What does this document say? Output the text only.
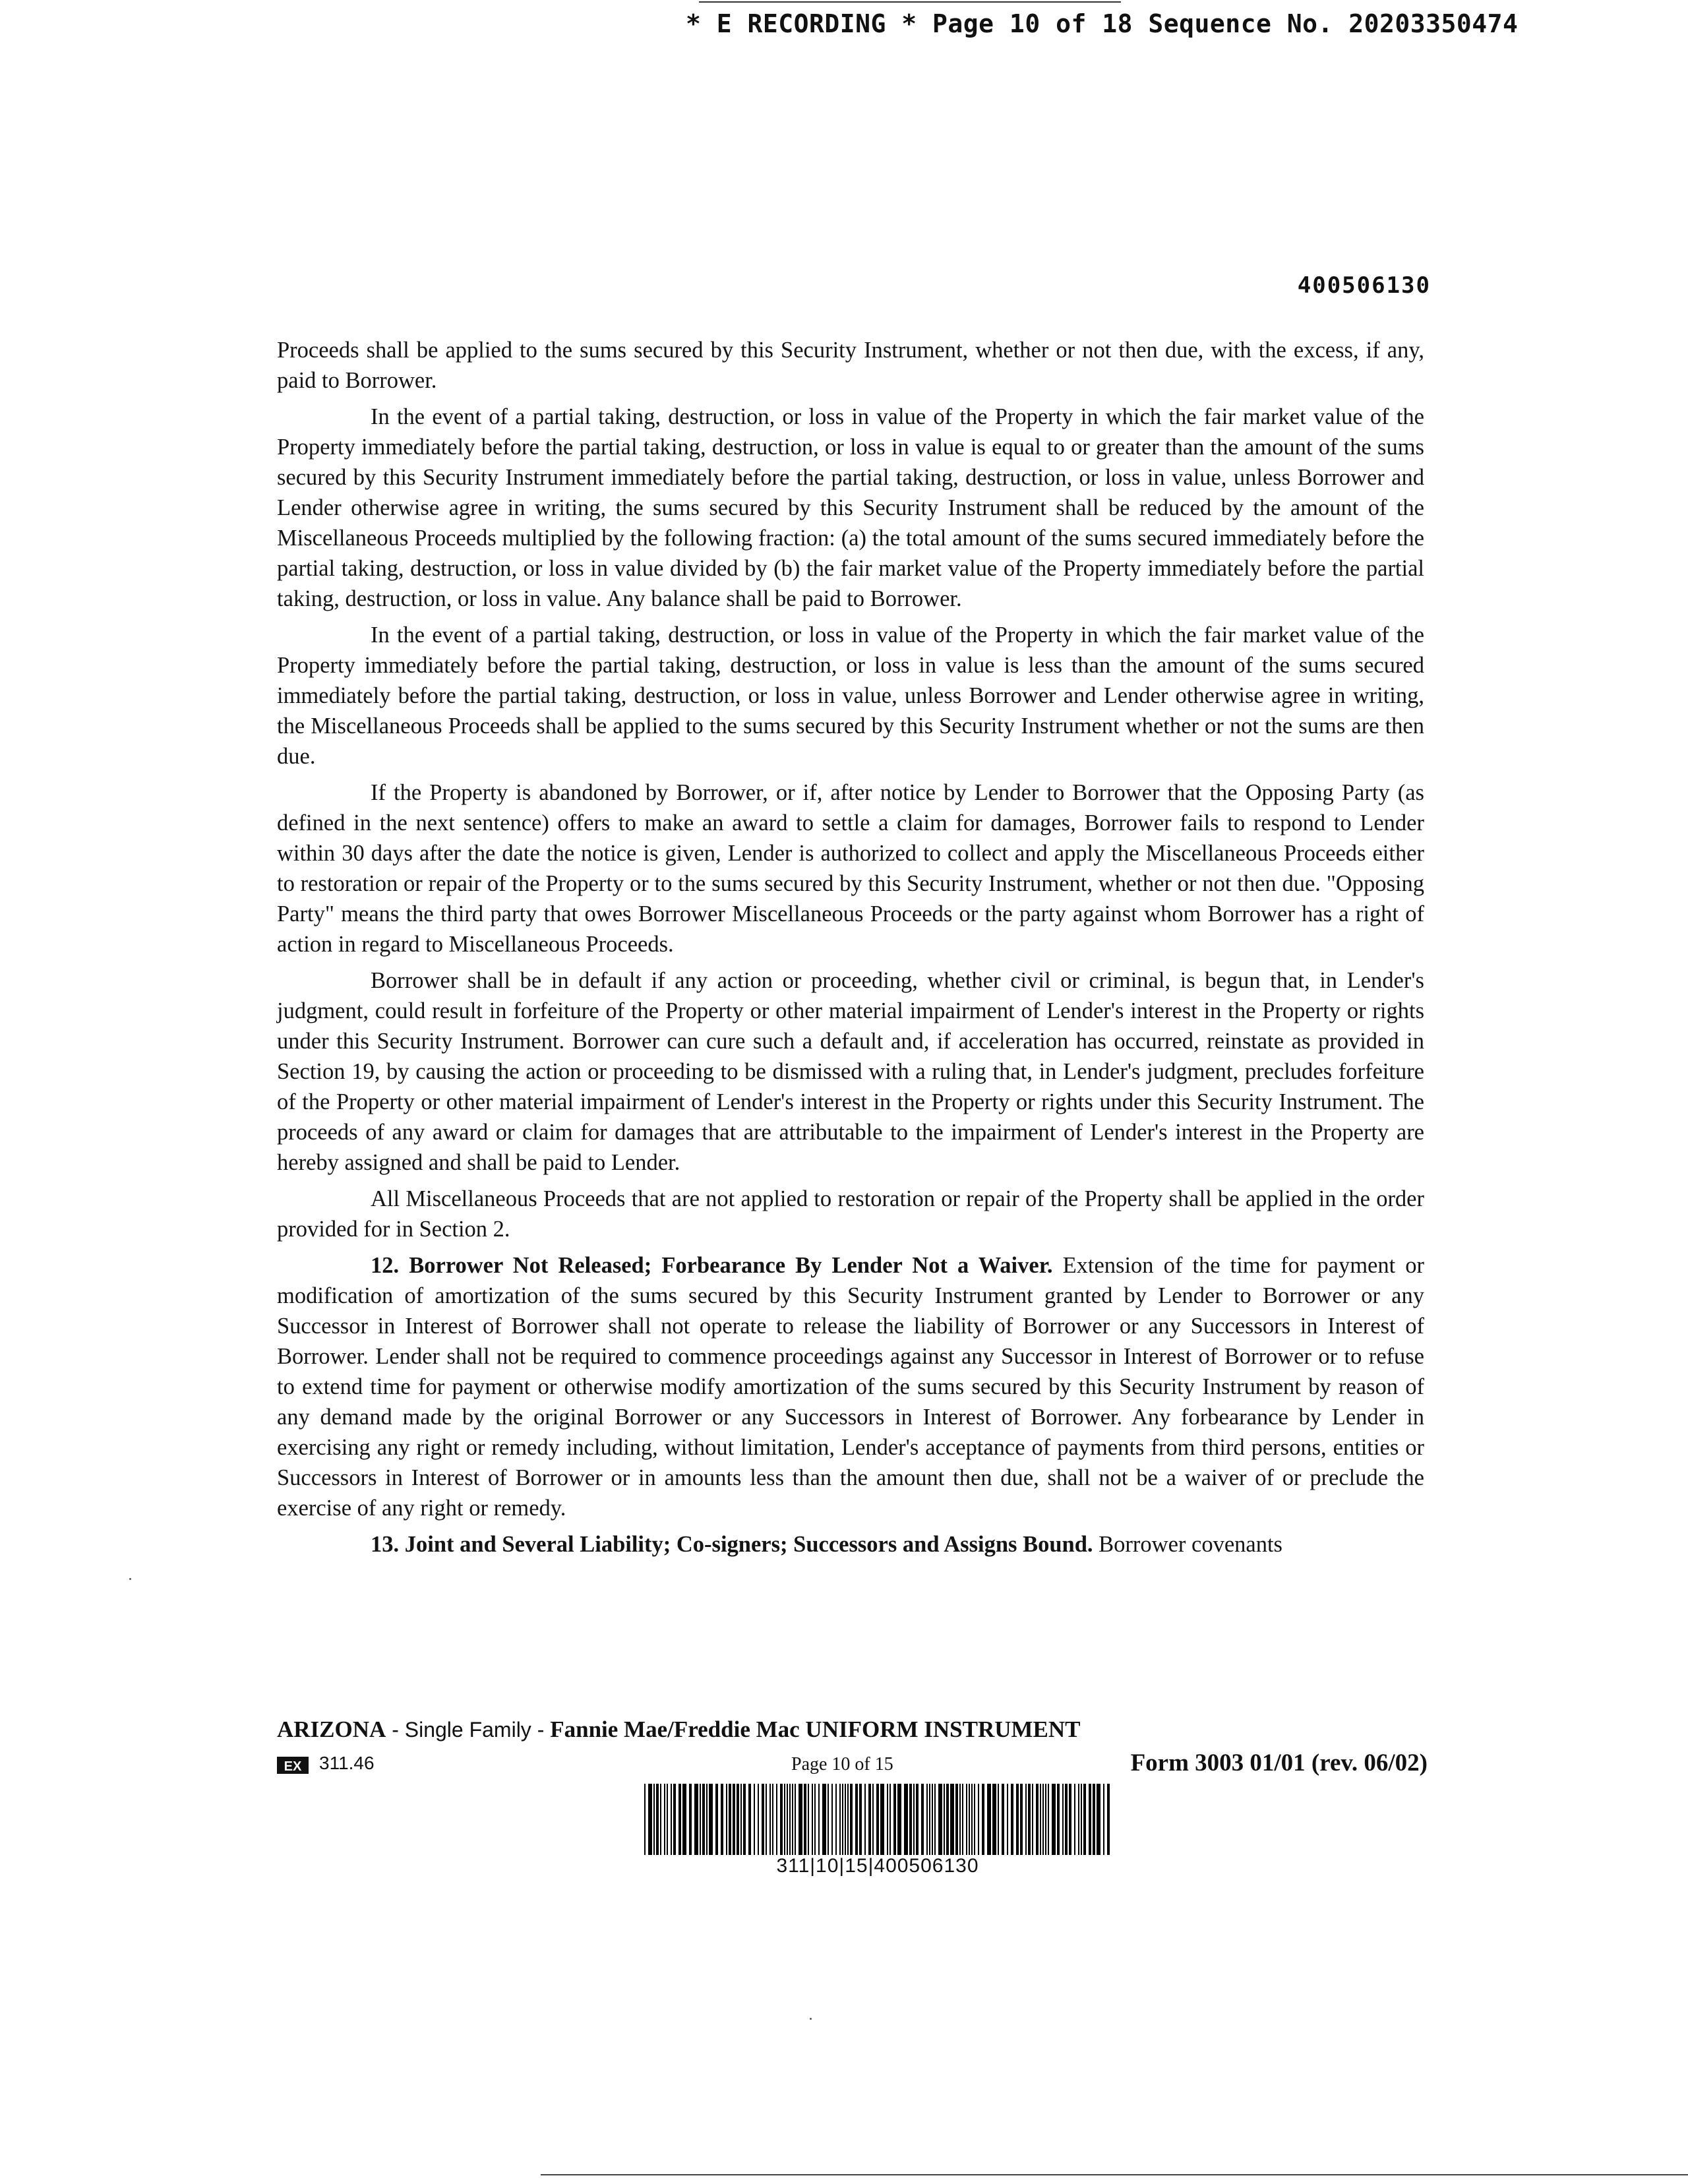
* E RECORDING * Page 10 of 18 Sequence No. 20203350474
400506130

Proceeds shall be applied to the sums secured by this Security Instrument, whether or not then due, with the excess, if any, paid to Borrower.

In the event of a partial taking, destruction, or loss in value of the Property in which the fair market value of the Property immediately before the partial taking, destruction, or loss in value is equal to or greater than the amount of the sums secured by this Security Instrument immediately before the partial taking, destruction, or loss in value, unless Borrower and Lender otherwise agree in writing, the sums secured by this Security Instrument shall be reduced by the amount of the Miscellaneous Proceeds multiplied by the following fraction: (a) the total amount of the sums secured immediately before the partial taking, destruction, or loss in value divided by (b) the fair market value of the Property immediately before the partial taking, destruction, or loss in value. Any balance shall be paid to Borrower.

In the event of a partial taking, destruction, or loss in value of the Property in which the fair market value of the Property immediately before the partial taking, destruction, or loss in value is less than the amount of the sums secured immediately before the partial taking, destruction, or loss in value, unless Borrower and Lender otherwise agree in writing, the Miscellaneous Proceeds shall be applied to the sums secured by this Security Instrument whether or not the sums are then due.

If the Property is abandoned by Borrower, or if, after notice by Lender to Borrower that the Opposing Party (as defined in the next sentence) offers to make an award to settle a claim for damages, Borrower fails to respond to Lender within 30 days after the date the notice is given, Lender is authorized to collect and apply the Miscellaneous Proceeds either to restoration or repair of the Property or to the sums secured by this Security Instrument, whether or not then due. "Opposing Party" means the third party that owes Borrower Miscellaneous Proceeds or the party against whom Borrower has a right of action in regard to Miscellaneous Proceeds.

Borrower shall be in default if any action or proceeding, whether civil or criminal, is begun that, in Lender's judgment, could result in forfeiture of the Property or other material impairment of Lender's interest in the Property or rights under this Security Instrument. Borrower can cure such a default and, if acceleration has occurred, reinstate as provided in Section 19, by causing the action or proceeding to be dismissed with a ruling that, in Lender's judgment, precludes forfeiture of the Property or other material impairment of Lender's interest in the Property or rights under this Security Instrument. The proceeds of any award or claim for damages that are attributable to the impairment of Lender's interest in the Property are hereby assigned and shall be paid to Lender.

All Miscellaneous Proceeds that are not applied to restoration or repair of the Property shall be applied in the order provided for in Section 2.

12. Borrower Not Released; Forbearance By Lender Not a Waiver. Extension of the time for payment or modification of amortization of the sums secured by this Security Instrument granted by Lender to Borrower or any Successor in Interest of Borrower shall not operate to release the liability of Borrower or any Successors in Interest of Borrower. Lender shall not be required to commence proceedings against any Successor in Interest of Borrower or to refuse to extend time for payment or otherwise modify amortization of the sums secured by this Security Instrument by reason of any demand made by the original Borrower or any Successors in Interest of Borrower. Any forbearance by Lender in exercising any right or remedy including, without limitation, Lender's acceptance of payments from third persons, entities or Successors in Interest of Borrower or in amounts less than the amount then due, shall not be a waiver of or preclude the exercise of any right or remedy.

13. Joint and Several Liability; Co-signers; Successors and Assigns Bound. Borrower covenants

ARIZONA - Single Family - Fannie Mae/Freddie Mac UNIFORM INSTRUMENT
EX 311.46	Page 10 of 15	Form 3003 01/01 (rev. 06/02)
311|10|15|400506130
